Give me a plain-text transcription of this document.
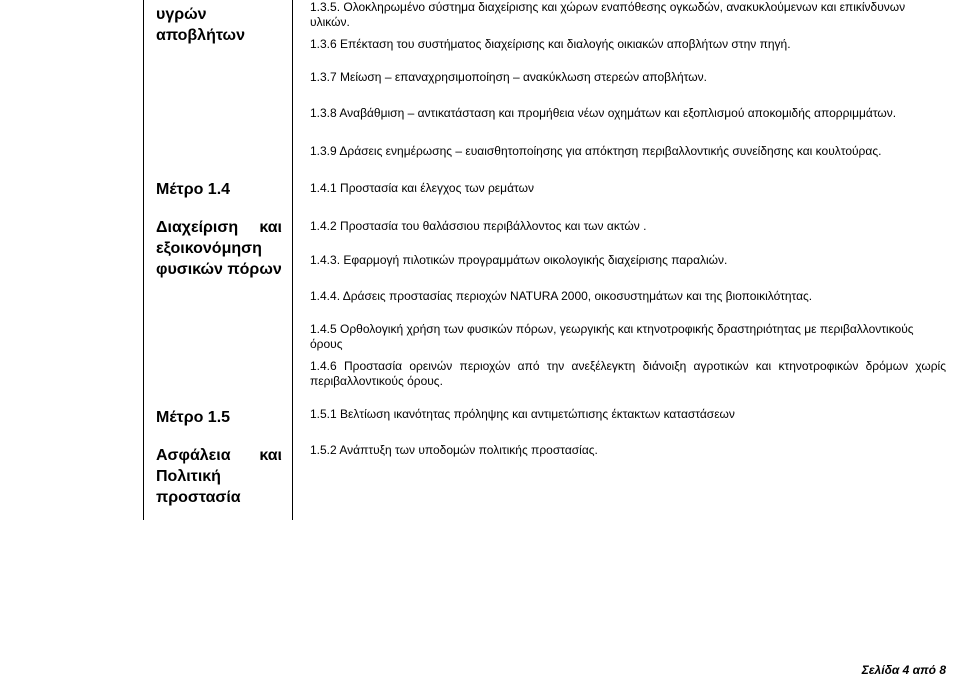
υγρών
αποβλήτων
Μέτρο 1.4
Διαχείριση και
εξοικονόμηση
φυσικών πόρων
Μέτρο 1.5
Ασφάλεια και
Πολιτική
προστασία
1.3.5. Ολοκληρωμένο σύστημα διαχείρισης και χώρων εναπόθεσης ογκωδών, ανακυκλούμενων και επικίνδυνων υλικών.
1.3.6 Επέκταση του συστήματος διαχείρισης και διαλογής οικιακών αποβλήτων στην πηγή.
1.3.7 Μείωση – επαναχρησιμοποίηση – ανακύκλωση στερεών αποβλήτων.
1.3.8 Αναβάθμιση – αντικατάσταση και προμήθεια νέων οχημάτων και εξοπλισμού αποκομιδής απορριμμάτων.
1.3.9 Δράσεις ενημέρωσης – ευαισθητοποίησης για απόκτηση περιβαλλοντικής συνείδησης και κουλτούρας.
1.4.1 Προστασία και έλεγχος των ρεμάτων
1.4.2 Προστασία του θαλάσσιου περιβάλλοντος και των ακτών .
1.4.3. Εφαρμογή πιλοτικών προγραμμάτων οικολογικής διαχείρισης παραλιών.
1.4.4. Δράσεις προστασίας περιοχών NATURA 2000, οικοσυστημάτων και της βιοποικιλότητας.
1.4.5 Ορθολογική χρήση των φυσικών πόρων, γεωργικής και κτηνοτροφικής δραστηριότητας με περιβαλλοντικούς όρους
1.4.6 Προστασία ορεινών περιοχών από την ανεξέλεγκτη διάνοιξη αγροτικών και κτηνοτροφικών δρόμων χωρίς περιβαλλοντικούς όρους.
1.5.1 Βελτίωση ικανότητας πρόληψης και αντιμετώπισης έκτακτων καταστάσεων
1.5.2 Ανάπτυξη των υποδομών πολιτικής προστασίας.
Σελίδα 4 από 8
